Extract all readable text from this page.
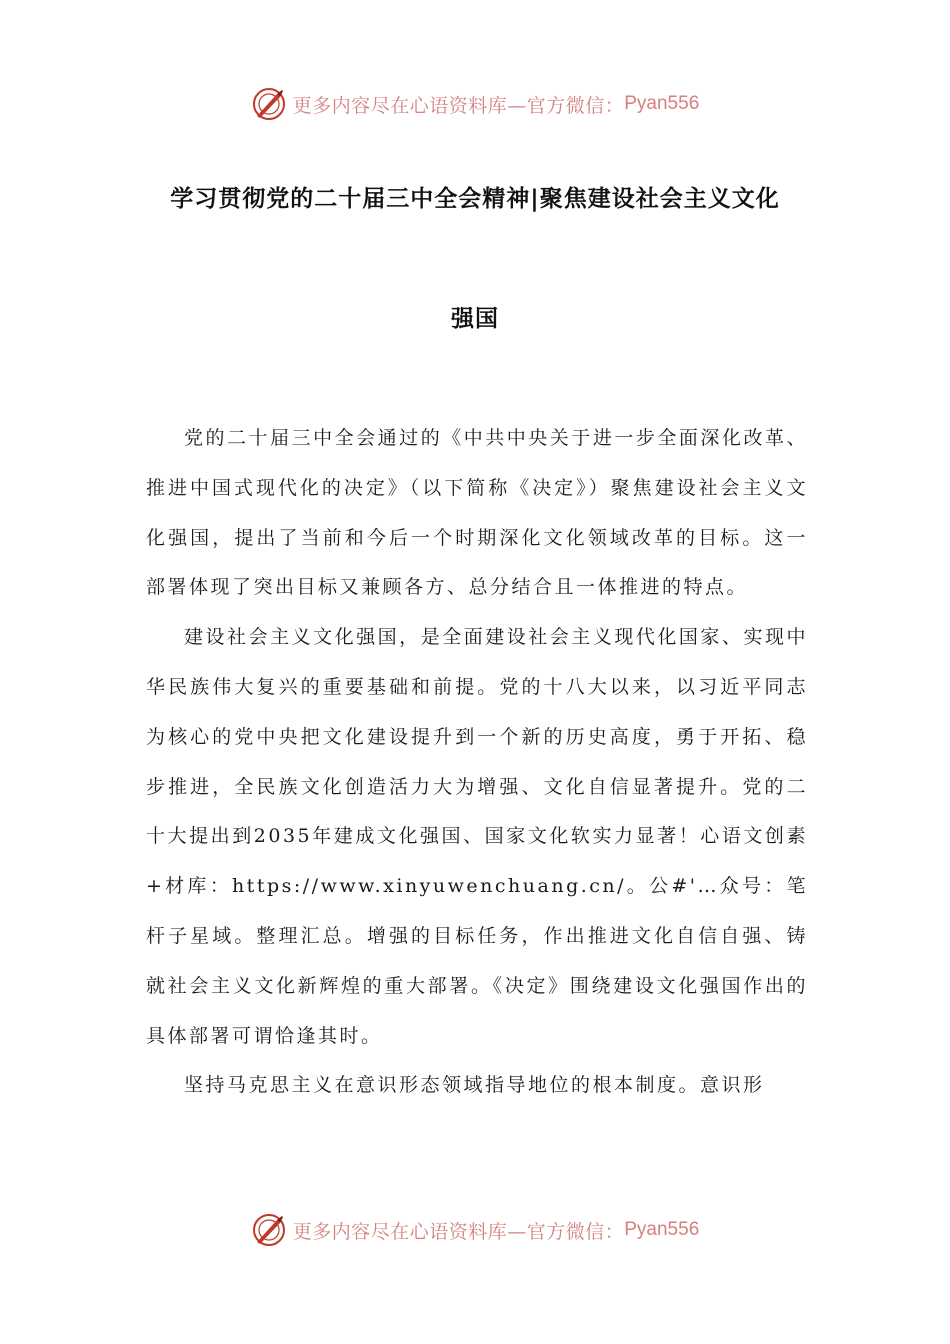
更多内容尽在心语资料库—官方微信： Pyan556
学习贯彻党的二十届三中全会精神|聚焦建设社会主义文化
强国

党的二十届三中全会通过的《中共中央关于进一步全面深化改革、推进中国式现代化的决定》（以下简称《决定》）聚焦建设社会主义文化强国，提出了当前和今后一个时期深化文化领域改革的目标。这一部署体现了突出目标又兼顾各方、总分结合且一体推进的特点。

建设社会主义文化强国，是全面建设社会主义现代化国家、实现中华民族伟大复兴的重要基础和前提。党的十八大以来，以习近平同志为核心的党中央把文化建设提升到一个新的历史高度，勇于开拓、稳步推进，全民族文化创造活力大为增强、文化自信显著提升。党的二十大提出到2035年建成文化强国、国家文化软实力显著！心语文创素+材库：https://www.xinyuwenchuang.cn/。公#'…众号：笔杆子星域。整理汇总。增强的目标任务，作出推进文化自信自强、铸就社会主义文化新辉煌的重大部署。《决定》围绕建设文化强国作出的具体部署可谓恰逢其时。

坚持马克思主义在意识形态领域指导地位的根本制度。意识形

更多内容尽在心语资料库—官方微信： Pyan556
